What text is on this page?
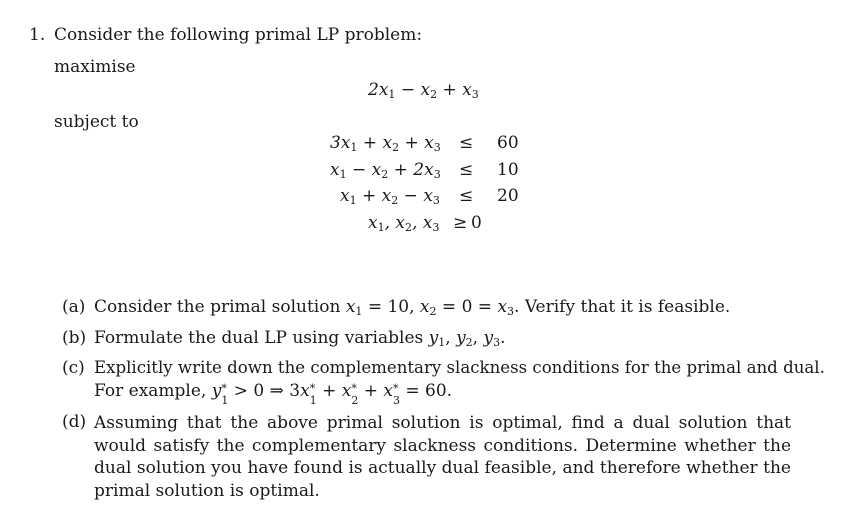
1. Consider the following primal LP problem:
maximise
$2x_1 - x_2 + x_3$
subject to
$3x_1 + x_2 + x_3 \le 60$
$x_1 - x_2 + 2x_3 \le 10$
$x_1 + x_2 - x_3 \le 20$
$x_1$, $x_2$, $x_3 \ge 0$
(a) Consider the primal solution $x_1 = 10$, $x_2 = 0 = x_3$. Verify that it is feasible.
(b) Formulate the dual LP using variables $y_1$, $y_2$, $y_3$.
(c) Explicitly write down the complementary slackness conditions for the primal and dual.
For example, y *
1 > 0 ⇒ 3x *
1 + x *
2 + x *
3 = 60.
(d) Assuming that the above primal solution is optimal, find a dual solution that would satisfy the complementary slackness conditions. Determine whether the dual solution you have found is actually dual feasible, and therefore whether the primal solution is optimal.
